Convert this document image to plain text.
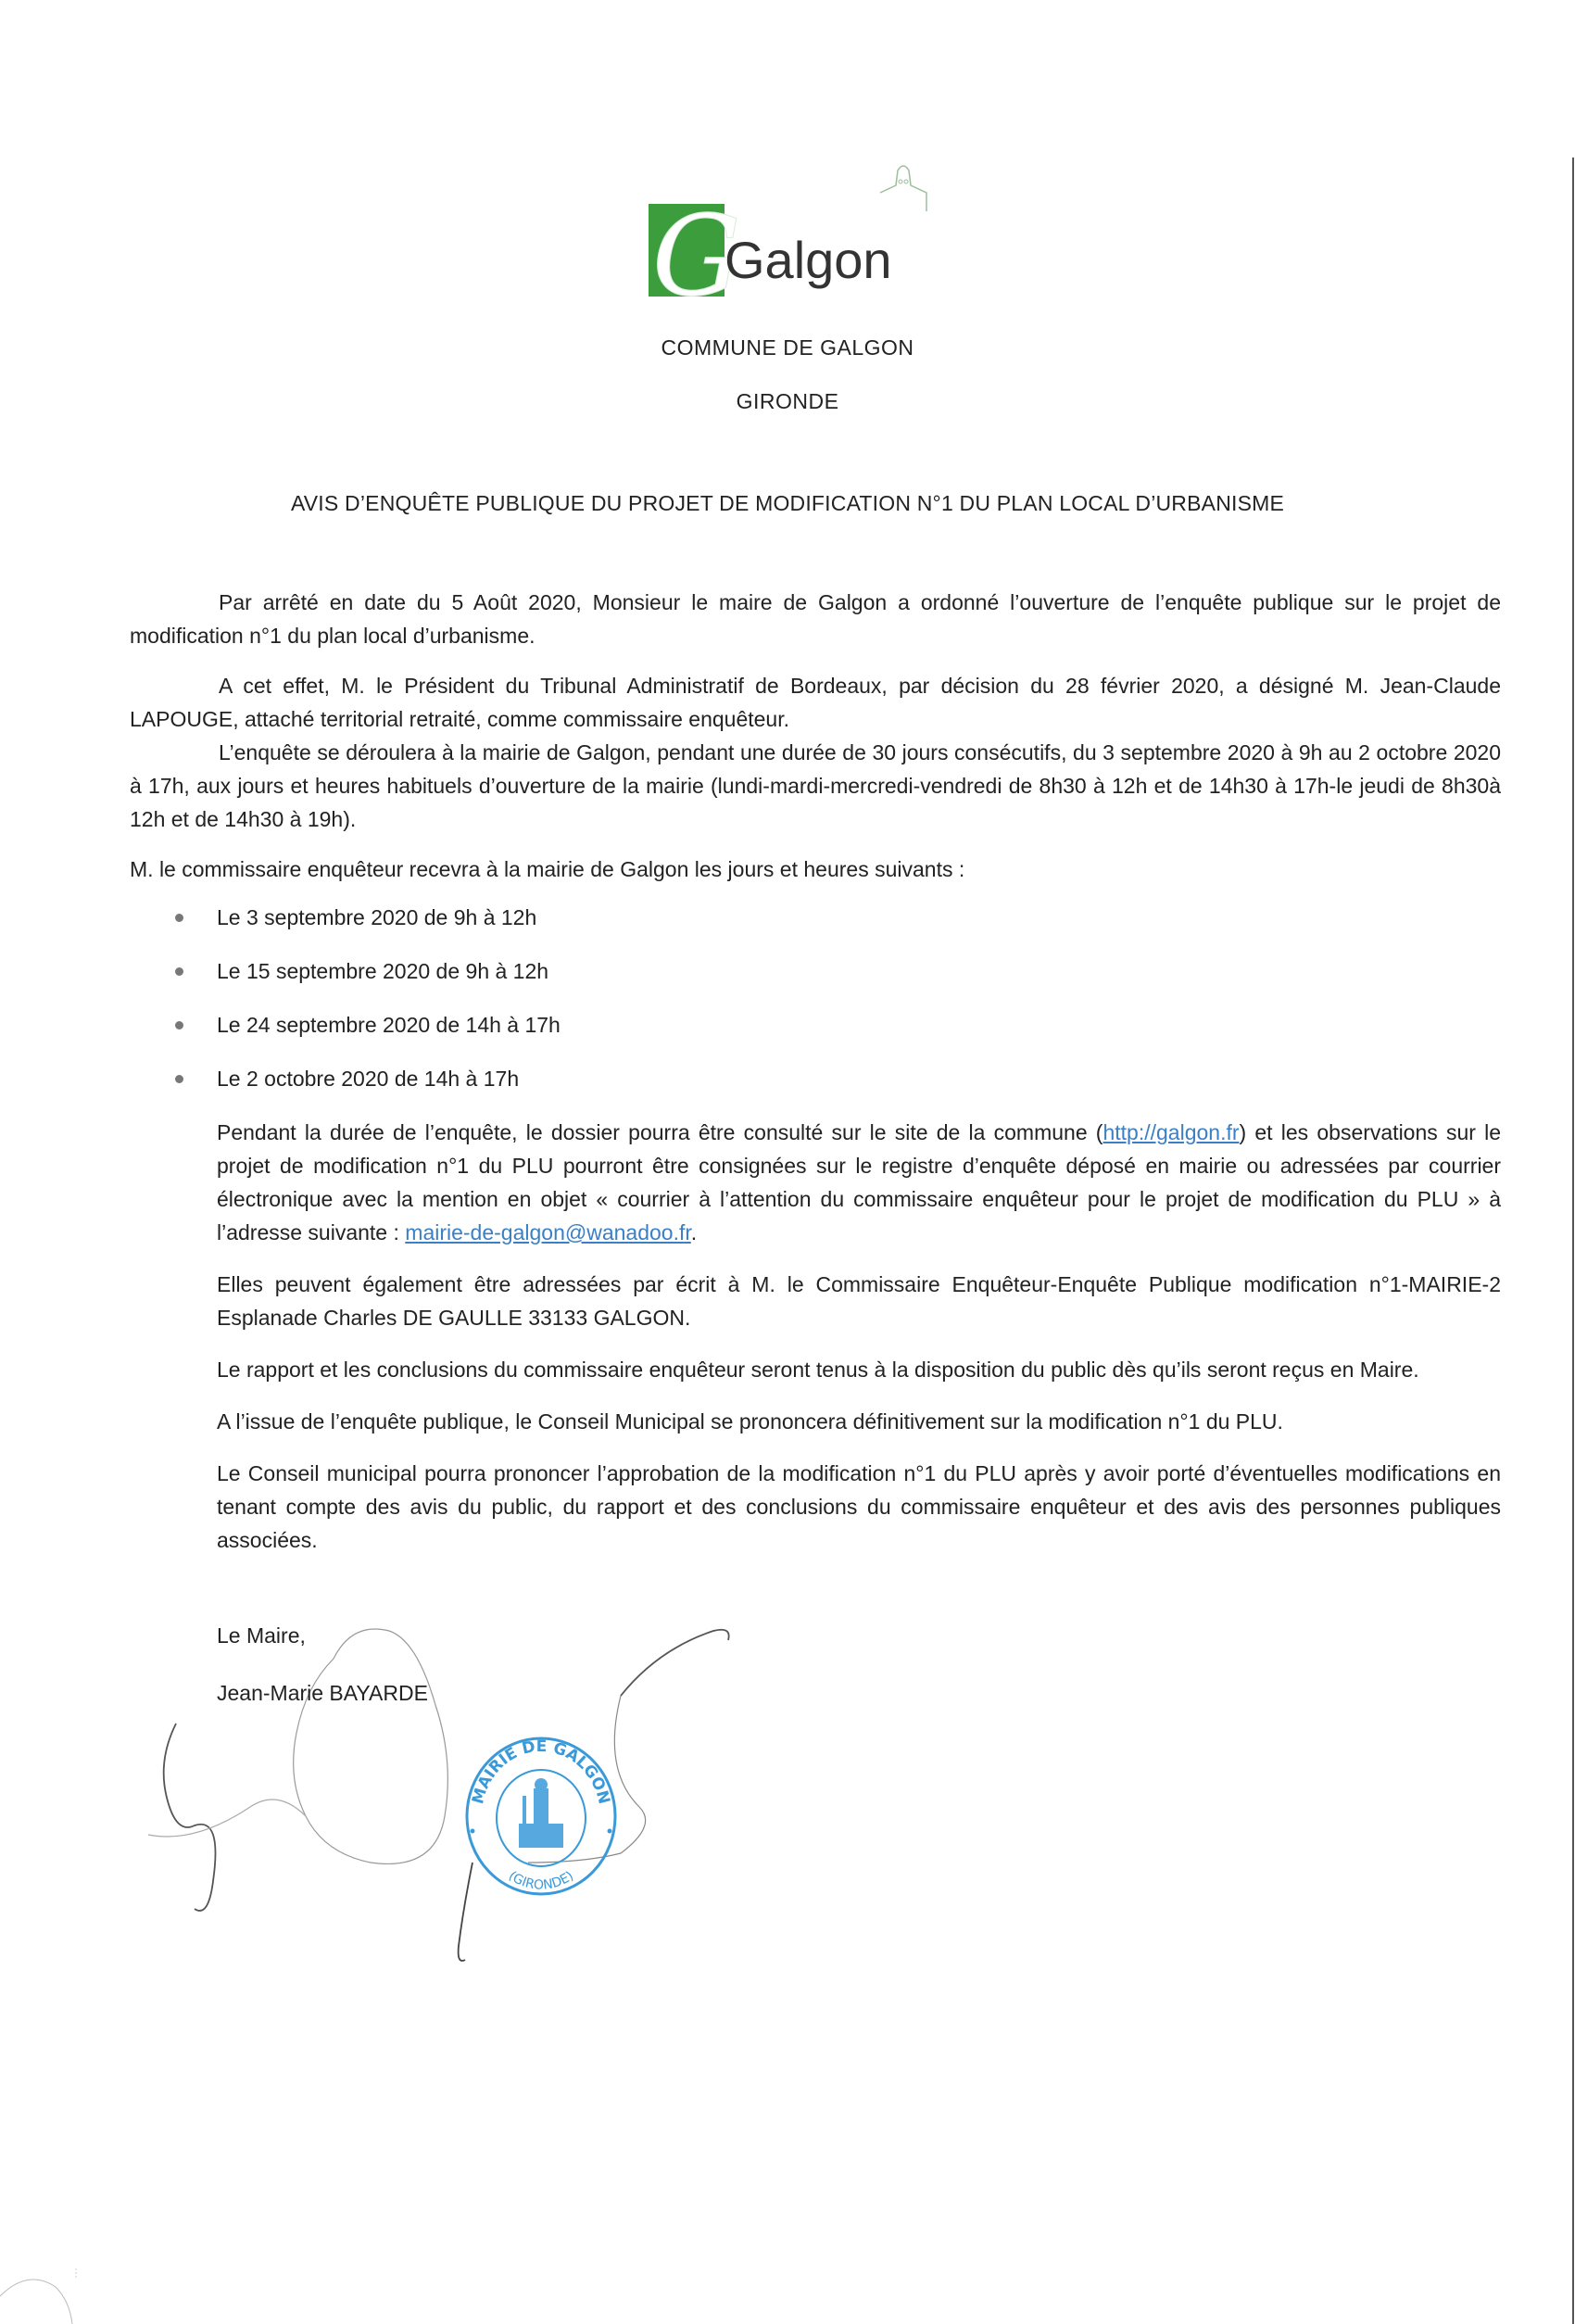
G
Galgon
COMMUNE DE GALGON
GIRONDE
AVIS D’ENQUÊTE PUBLIQUE DU PROJET DE MODIFICATION N°1 DU PLAN LOCAL D’URBANISME

Par arrêté en date du 5 Août 2020, Monsieur le maire de Galgon a ordonné l’ouverture de l’enquête publique sur le projet de modification n°1 du plan local d’urbanisme.

A cet effet, M. le Président du Tribunal Administratif de Bordeaux, par décision du 28 février 2020, a désigné M. Jean-Claude LAPOUGE, attaché territorial retraité, comme commissaire enquêteur.

L’enquête se déroulera à la mairie de Galgon, pendant une durée de 30 jours consécutifs, du 3 septembre 2020 à 9h au 2 octobre 2020 à 17h, aux jours et heures habituels d’ouverture de la mairie (lundi-mardi-mercredi-vendredi de 8h30 à 12h et de 14h30 à 17h-le jeudi de 8h30à 12h et de 14h30 à 19h).

M. le commissaire enquêteur recevra à la mairie de Galgon les jours et heures suivants :

Le 3 septembre 2020 de 9h à 12h
Le 15 septembre 2020 de 9h à 12h
Le 24 septembre 2020 de 14h à 17h
Le 2 octobre 2020 de 14h à 17h
Pendant la durée de l’enquête, le dossier pourra être consulté sur le site de la commune (http://galgon.fr) et les observations sur le projet de modification n°1 du PLU pourront être consignées sur le registre d’enquête déposé en mairie ou adressées par courrier électronique avec la mention en objet « courrier à l’attention du commissaire enquêteur pour le projet de modification du PLU » à l’adresse suivante : mairie-de-galgon@wanadoo.fr.
Elles peuvent également être adressées par écrit à M. le Commissaire Enquêteur-Enquête Publique modification n°1-MAIRIE-2 Esplanade Charles DE GAULLE 33133 GALGON.
Le rapport et les conclusions du commissaire enquêteur seront tenus à la disposition du public dès qu’ils seront reçus en Maire.
A l’issue de l’enquête publique, le Conseil Municipal se prononcera définitivement sur la modification n°1 du PLU.
Le Conseil municipal pourra prononcer l’approbation de la modification n°1 du PLU après y avoir porté d’éventuelles modifications en tenant compte des avis du public, du rapport et des conclusions du commissaire enquêteur et des avis des personnes publiques associées.
Le Maire,
Jean-Marie BAYARDE
MAIRIE DE GALGON
(GIRONDE)
